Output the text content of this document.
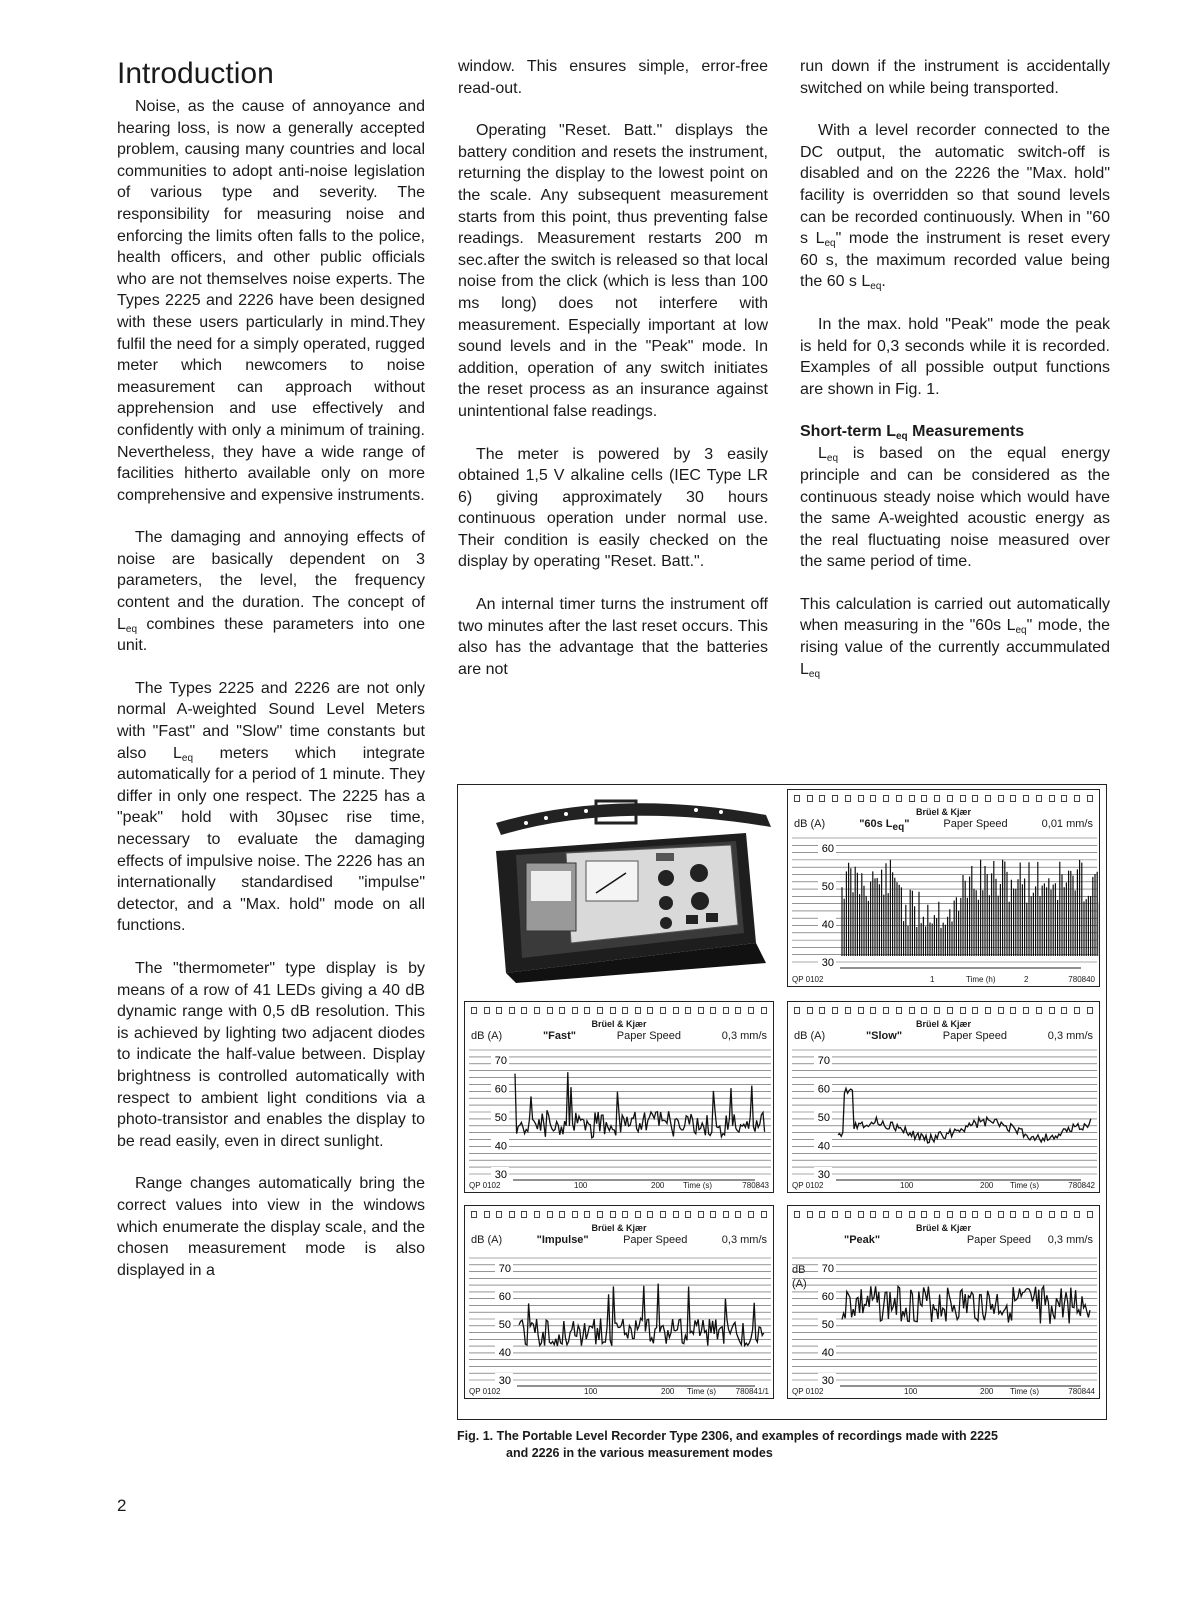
Introduction

Noise, as the cause of annoyance and hearing loss, is now a generally accepted problem, causing many countries and local communities to adopt anti-noise legislation of various type and severity. The responsibility for measuring noise and enforcing the limits often falls to the police, health officers, and other public officials who are not themselves noise experts. The Types 2225 and 2226 have been designed with these users particularly in mind.They fulfil the need for a simply operated, rugged meter which newcomers to noise measurement can approach without apprehension and use effectively and confidently with only a minimum of training. Nevertheless, they have a wide range of facilities hitherto available only on more comprehensive and expensive instruments.

The damaging and annoying effects of noise are basically dependent on 3 parameters, the level, the frequency content and the duration. The concept of $L_{eq}$ combines these parameters into one unit.

The Types 2225 and 2226 are not only normal A-weighted Sound Level Meters with "Fast" and "Slow" time constants but also $L_{eq}$ meters which integrate automatically for a period of 1 minute. They differ in only one respect. The 2225 has a "peak" hold with 30μsec rise time, necessary to evaluate the damaging effects of impulsive noise. The 2226 has an internationally standardised "impulse" detector, and a "Max. hold" mode on all functions.

The "thermometer" type display is by means of a row of 41 LEDs giving a 40 dB dynamic range with 0,5 dB resolution. This is achieved by lighting two adjacent diodes to indicate the half-value between. Display brightness is controlled automatically with respect to ambient light conditions via a photo-transistor and enables the display to be read easily, even in direct sunlight.

Range changes automatically bring the correct values into view in the windows which enumerate the display scale, and the chosen measurement mode is also displayed in a

window. This ensures simple, error-free read-out.

Operating "Reset. Batt." displays the battery condition and resets the instrument, returning the display to the lowest point on the scale. Any subsequent measurement starts from this point, thus preventing false readings. Measurement restarts 200 m sec.after the switch is released so that local noise from the click (which is less than 100 ms long) does not interfere with measurement. Especially important at low sound levels and in the "Peak" mode. In addition, operation of any switch initiates the reset process as an insurance against unintentional false readings.

The meter is powered by 3 easily obtained 1,5 V alkaline cells (IEC Type LR 6) giving approximately 30 hours continuous operation under normal use. Their condition is easily checked on the display by operating "Reset. Batt.".

An internal timer turns the instrument off two minutes after the last reset occurs. This also has the advantage that the batteries are not

run down if the instrument is accidentally switched on while being transported.

With a level recorder connected to the DC output, the automatic switch-off is disabled and on the 2226 the "Max. hold" facility is overridden so that sound levels can be recorded continuously. When in "60 s $L_{eq}$" mode the instrument is reset every 60 s, the maximum recorded value being the 60 s $L_{eq}$.

In the max. hold "Peak" mode the peak is held for 0,3 seconds while it is recorded. Examples of all possible output functions are shown in Fig. 1.

Short-term $L_{eq}$ Measurements

$L_{eq}$ is based on the equal energy principle and can be considered as the continuous steady noise which would have the same A-weighted acoustic energy as the real fluctuating noise measured over the same period of time.

This calculation is carried out automatically when measuring in the "60s $L_{eq}$" mode, the rising value of the currently accummulated $L_{eq}$

Brüel & Kjær
dB (A)	"60s $L_{eq}$"	Paper Speed	0,01 mm/s
60
50
40
30
QP 0102	1	Time (h)	2	780840
Brüel & Kjær
dB (A)	"Fast"	Paper Speed	0,3 mm/s
70
60
50
40
30
QP 0102	100	200 Time (s)	780843
Brüel & Kjær
dB (A)	"Slow"	Paper Speed	0,3 mm/s
70
60
50
40
30
QP 0102	100	200 Time (s)	780842
Brüel & Kjær
dB (A)	"Impulse"	Paper Speed	0,3 mm/s
70
60
50
40
30
QP 0102	100	200 Time (s) 780841/1
Brüel & Kjær
"Peak"	Paper Speed 0,3 mm/s
dB
(A)
70
60
50
40
30
QP 0102	100	200 Time (s)	780844
Fig. 1. The Portable Level Recorder Type 2306, and examples of recordings made with 2225
and 2226 in the various measurement modes
2
